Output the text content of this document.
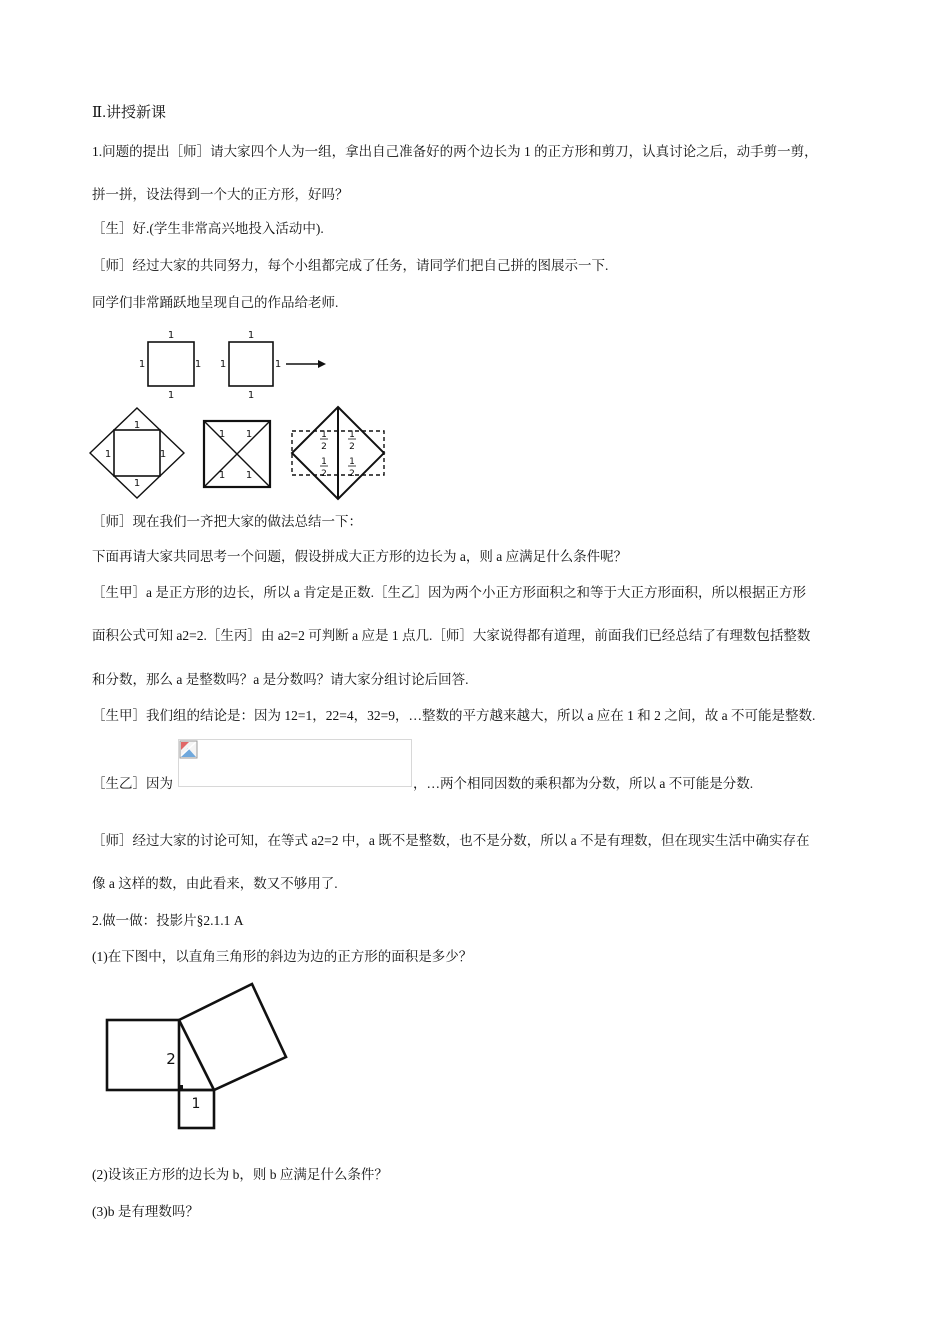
Ⅱ.讲授新课
1.问题的提出［师］请大家四个人为一组，拿出自己准备好的两个边长为 1 的正方形和剪刀，认真讨论之后，动手剪一剪，
拼一拼，设法得到一个大的正方形，好吗？
［生］好.(学生非常高兴地投入活动中).
［师］经过大家的共同努力，每个小组都完成了任务，请同学们把自己拼的图展示一下.
同学们非常踊跃地呈现自己的作品给老师.
1
1
1	1
1
1
1	1
1
1
1	1
1 1
1 1
1
2
1
2
1
2
1
2
［师］现在我们一齐把大家的做法总结一下：
下面再请大家共同思考一个问题，假设拼成大正方形的边长为 a，则 a 应满足什么条件呢？
［生甲］a 是正方形的边长，所以 a 肯定是正数.［生乙］因为两个小正方形面积之和等于大正方形面积，所以根据正方形
面积公式可知 a2=2.［生丙］由 a2=2 可判断 a 应是 1 点几.［师］大家说得都有道理，前面我们已经总结了有理数包括整数
和分数，那么 a 是整数吗？a 是分数吗？请大家分组讨论后回答.
［生甲］我们组的结论是：因为 12=1，22=4，32=9，…整数的平方越来越大，所以 a 应在 1 和 2 之间，故 a 不可能是整数.
［生乙］因为	，…两个相同因数的乘积都为分数，所以 a 不可能是分数.
［师］经过大家的讨论可知，在等式 a2=2 中，a 既不是整数，也不是分数，所以 a 不是有理数，但在现实生活中确实存在
像 a 这样的数，由此看来，数又不够用了.
2.做一做：投影片§2.1.1 A
(1)在下图中，以直角三角形的斜边为边的正方形的面积是多少？
2
1
(2)设该正方形的边长为 b，则 b 应满足什么条件？
(3)b 是有理数吗？
